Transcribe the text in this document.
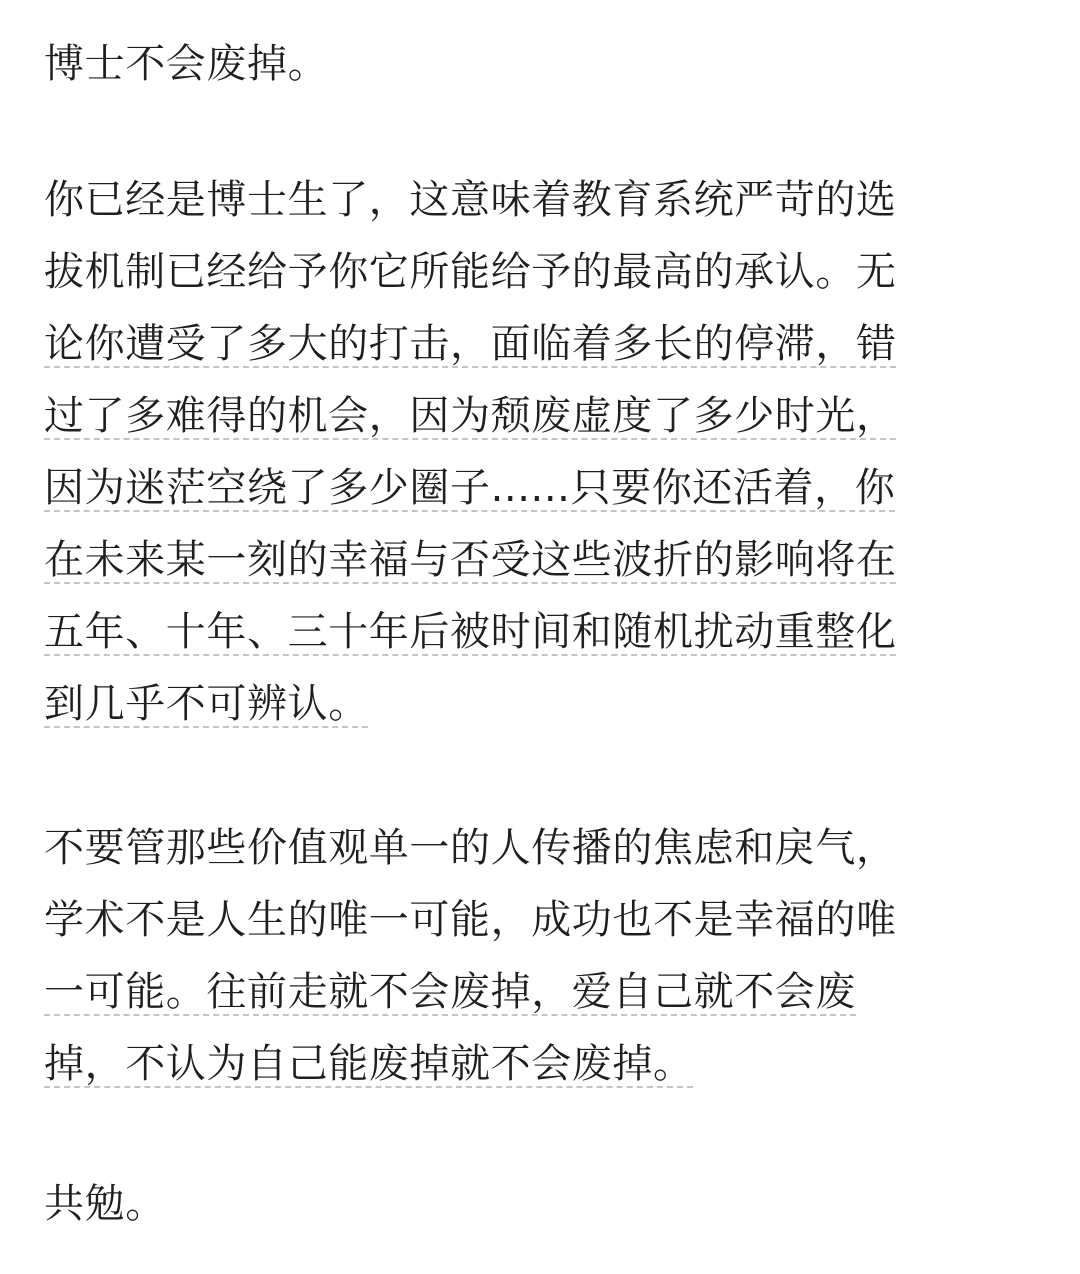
博士不会废掉。
你已经是博士生了，这意味着教育系统严苛的选
拔机制已经给予你它所能给予的最高的承认。无
论你遭受了多大的打击，面临着多长的停滞，错
过了多难得的机会，因为颓废虚度了多少时光，
因为迷茫空绕了多少圈子......只要你还活着，你
在未来某一刻的幸福与否受这些波折的影响将在
五年、十年、三十年后被时间和随机扰动重整化
到几乎不可辨认。
不要管那些价值观单一的人传播的焦虑和戾气，
学术不是人生的唯一可能，成功也不是幸福的唯
一可能。往前走就不会废掉，爱自己就不会废
掉，不认为自己能废掉就不会废掉。
共勉。
